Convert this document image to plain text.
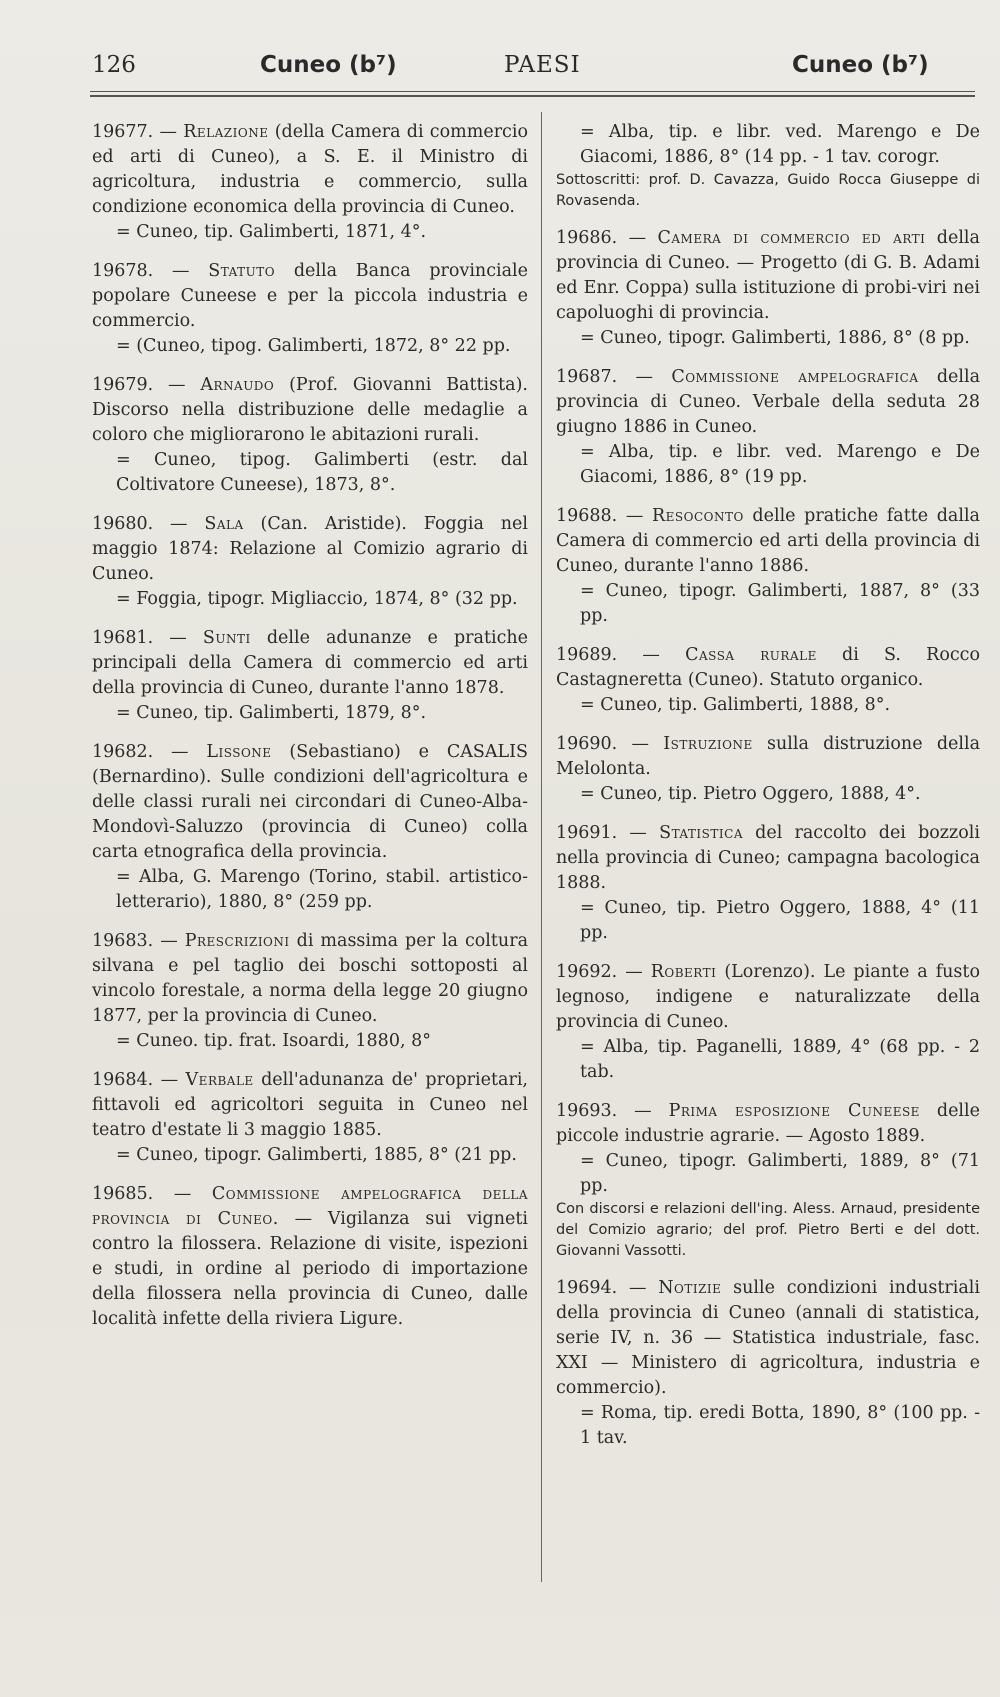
126	Cuneo (b⁷)	PAESI	Cuneo (b⁷)

19677. — Relazione (della Camera di commercio ed arti di Cuneo), a S. E. il Ministro di agricoltura, industria e commercio, sulla condizione economica della provincia di Cuneo.

= Cuneo, tip. Galimberti, 1871, 4°.

19678. — Statuto della Banca provinciale popolare Cuneese e per la piccola industria e commercio.

= (Cuneo, tipog. Galimberti, 1872, 8° 22 pp.

19679. — Arnaudo (Prof. Giovanni Battista). Discorso nella distribuzione delle medaglie a coloro che migliorarono le abitazioni rurali.

= Cuneo, tipog. Galimberti (estr. dal Coltivatore Cuneese), 1873, 8°.

19680. — Sala (Can. Aristide). Foggia nel maggio 1874: Relazione al Comizio agrario di Cuneo.

= Foggia, tipogr. Migliaccio, 1874, 8° (32 pp.

19681. — Sunti delle adunanze e pratiche principali della Camera di commercio ed arti della provincia di Cuneo, durante l'anno 1878.

= Cuneo, tip. Galimberti, 1879, 8°.

19682. — Lissone (Sebastiano) e CASALIS (Bernardino). Sulle condizioni dell'agricoltura e delle classi rurali nei circondari di Cuneo-Alba-Mondovì-Saluzzo (provincia di Cuneo) colla carta etnografica della provincia.

= Alba, G. Marengo (Torino, stabil. artistico-letterario), 1880, 8° (259 pp.

19683. — Prescrizioni di massima per la coltura silvana e pel taglio dei boschi sottoposti al vincolo forestale, a norma della legge 20 giugno 1877, per la provincia di Cuneo.

= Cuneo. tip. frat. Isoardi, 1880, 8°

19684. — Verbale dell'adunanza de' proprietari, fittavoli ed agricoltori seguita in Cuneo nel teatro d'estate li 3 maggio 1885.

= Cuneo, tipogr. Galimberti, 1885, 8° (21 pp.

19685. — Commissione ampelografica della provincia di Cuneo. — Vigilanza sui vigneti contro la filossera. Relazione di visite, ispezioni e studi, in ordine al periodo di importazione della filossera nella provincia di Cuneo, dalle località infette della riviera Ligure.

= Alba, tip. e libr. ved. Marengo e De Giacomi, 1886, 8° (14 pp. - 1 tav. corogr.

Sottoscritti: prof. D. Cavazza, Guido Rocca Giuseppe di Rovasenda.

19686. — Camera di commercio ed arti della provincia di Cuneo. — Progetto (di G. B. Adami ed Enr. Coppa) sulla istituzione di probi-viri nei capoluoghi di provincia.

= Cuneo, tipogr. Galimberti, 1886, 8° (8 pp.

19687. — Commissione ampelografica della provincia di Cuneo. Verbale della seduta 28 giugno 1886 in Cuneo.

= Alba, tip. e libr. ved. Marengo e De Giacomi, 1886, 8° (19 pp.

19688. — Resoconto delle pratiche fatte dalla Camera di commercio ed arti della provincia di Cuneo, durante l'anno 1886.

= Cuneo, tipogr. Galimberti, 1887, 8° (33 pp.

19689. — Cassa rurale di S. Rocco Castagneretta (Cuneo). Statuto organico.

= Cuneo, tip. Galimberti, 1888, 8°.

19690. — Istruzione sulla distruzione della Melolonta.

= Cuneo, tip. Pietro Oggero, 1888, 4°.

19691. — Statistica del raccolto dei bozzoli nella provincia di Cuneo; campagna bacologica 1888.

= Cuneo, tip. Pietro Oggero, 1888, 4° (11 pp.

19692. — Roberti (Lorenzo). Le piante a fusto legnoso, indigene e naturalizzate della provincia di Cuneo.

= Alba, tip. Paganelli, 1889, 4° (68 pp. - 2 tab.

19693. — Prima esposizione Cuneese delle piccole industrie agrarie. — Agosto 1889.

= Cuneo, tipogr. Galimberti, 1889, 8° (71 pp.

Con discorsi e relazioni dell'ing. Aless. Arnaud, presidente del Comizio agrario; del prof. Pietro Berti e del dott. Giovanni Vassotti.

19694. — Notizie sulle condizioni industriali della provincia di Cuneo (annali di statistica, serie IV, n. 36 — Statistica industriale, fasc. XXI — Ministero di agricoltura, industria e commercio).

= Roma, tip. eredi Botta, 1890, 8° (100 pp. - 1 tav.
